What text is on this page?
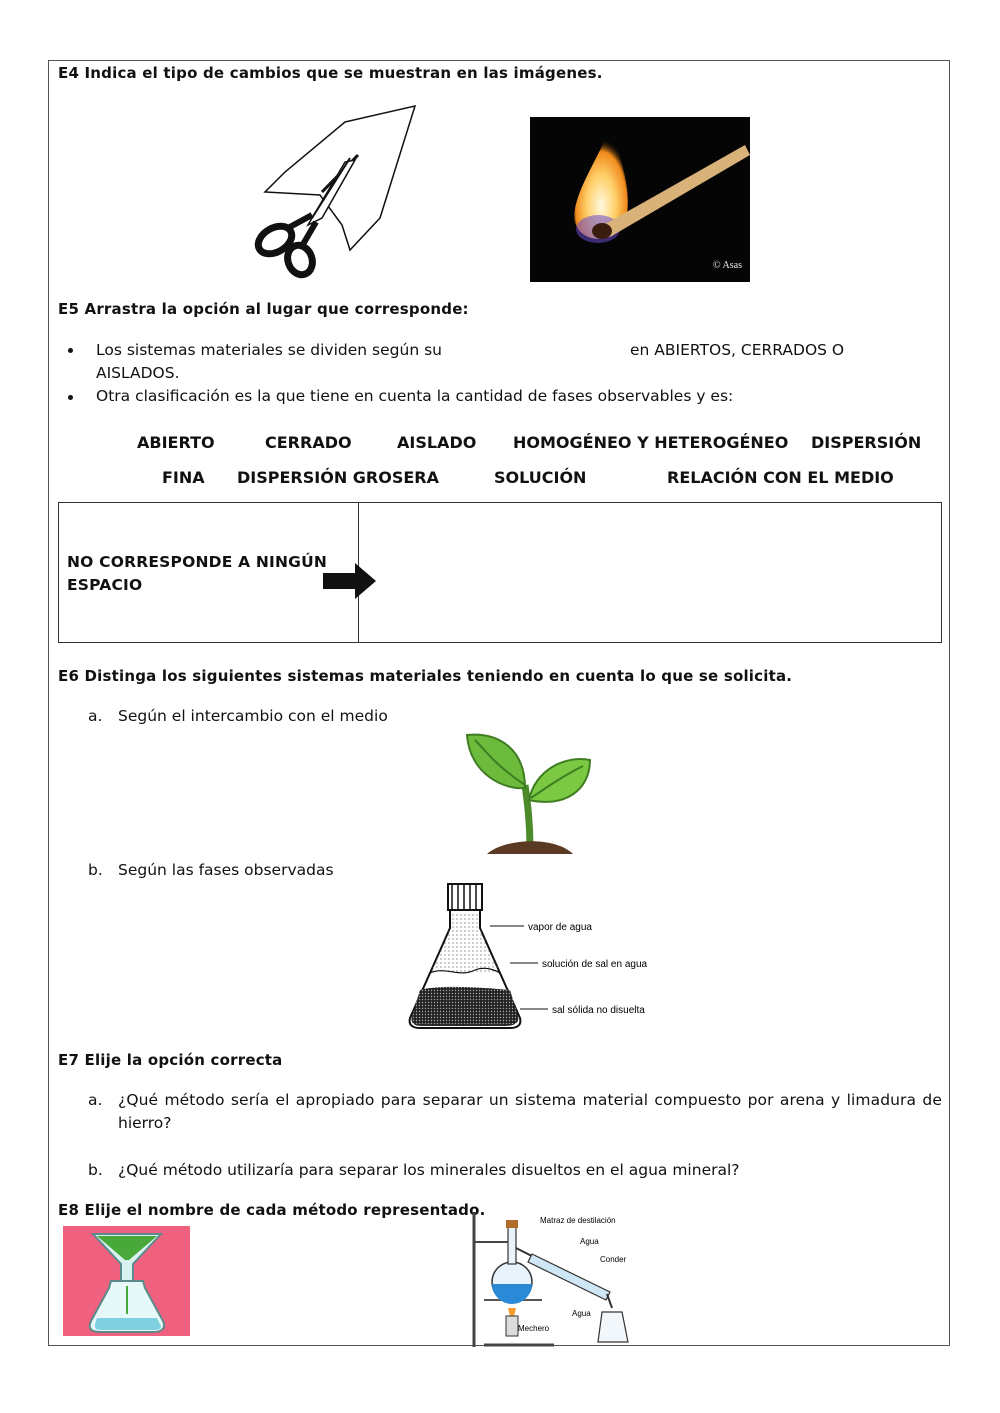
E4 Indica el tipo de cambios que se muestran en las imágenes.
© Asas
E5 Arrastra la opción al lugar que corresponde:
Los sistemas materiales se dividen según su	en ABIERTOS, CERRADOS O
AISLADOS.
Otra clasificación es la que tiene en cuenta la cantidad de fases observables y es:
ABIERTO	CERRADO	AISLADO HOMOGÉNEO Y HETEROGÉNEO DISPERSIÓN
FINA DISPERSIÓN GROSERA	SOLUCIÓN	RELACIÓN CON EL MEDIO
NO CORRESPONDE A NINGÚN
ESPACIO
E6 Distinga los siguientes sistemas materiales teniendo en cuenta lo que se solicita.
a. Según el intercambio con el medio
b. Según las fases observadas
vapor de agua
solución de sal en agua
sal sólida no disuelta
E7 Elije la opción correcta
a. ¿Qué método sería el apropiado para separar un sistema material compuesto por arena y limadura de
hierro?
b. ¿Qué método utilizaría para separar los minerales disueltos en el agua mineral?
E8 Elije el nombre de cada método representado.
Matraz de destilación
Agua
Conder
Agua
Mechero
